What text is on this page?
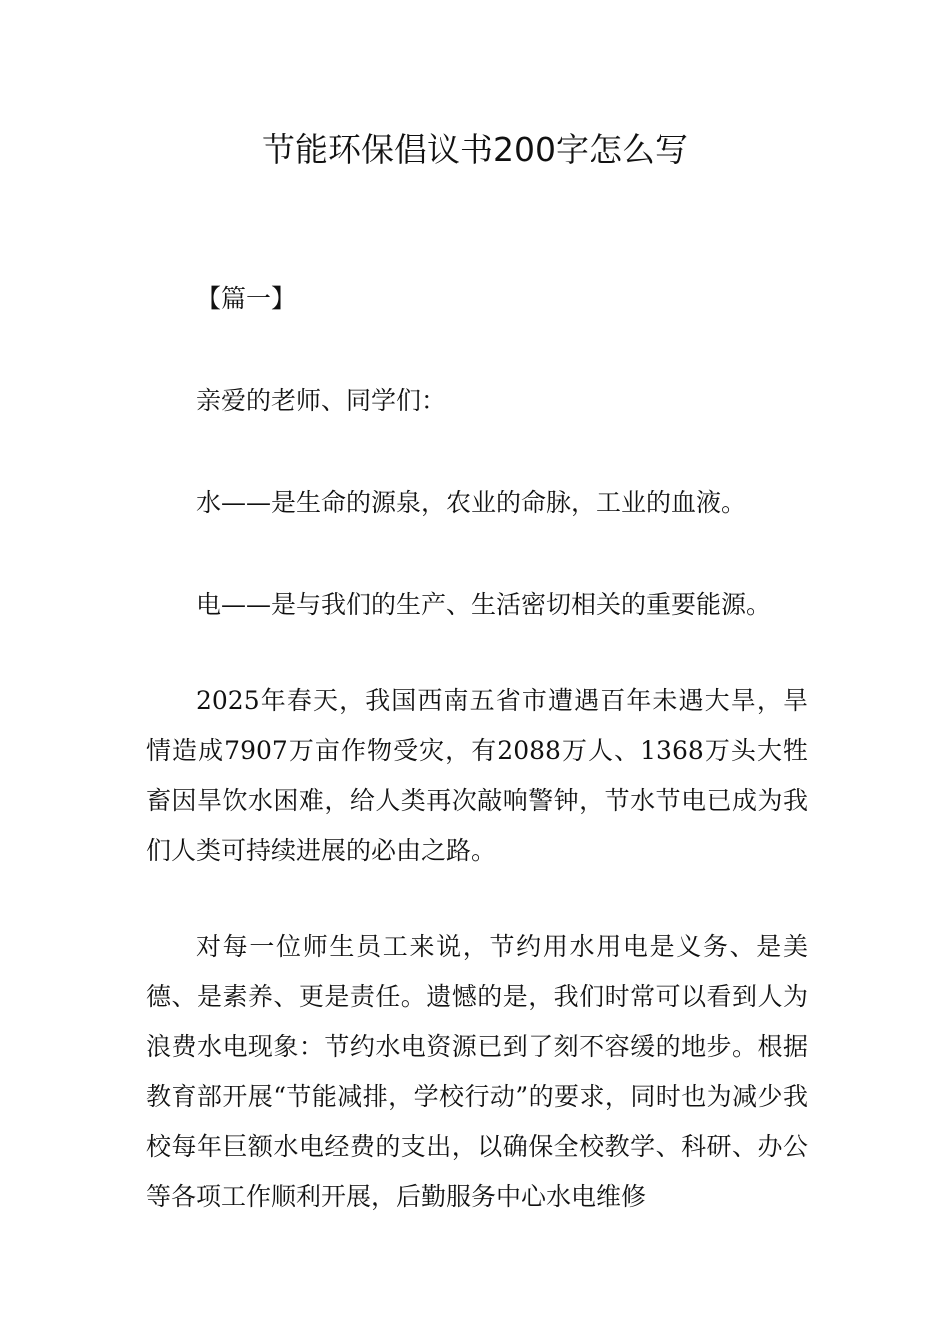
节能环保倡议书200字怎么写

【篇一】

亲爱的老师、同学们：

水——是生命的源泉，农业的命脉，工业的血液。

电——是与我们的生产、生活密切相关的重要能源。

2025年春天，我国西南五省市遭遇百年未遇大旱，旱情造成7907万亩作物受灾，有2088万人、1368万头大牲畜因旱饮水困难，给人类再次敲响警钟，节水节电已成为我们人类可持续进展的必由之路。

对每一位师生员工来说，节约用水用电是义务、是美德、是素养、更是责任。遗憾的是，我们时常可以看到人为浪费水电现象：节约水电资源已到了刻不容缓的地步。根据教育部开展“节能减排，学校行动”的要求，同时也为减少我校每年巨额水电经费的支出，以确保全校教学、科研、办公等各项工作顺利开展，后勤服务中心水电维修
